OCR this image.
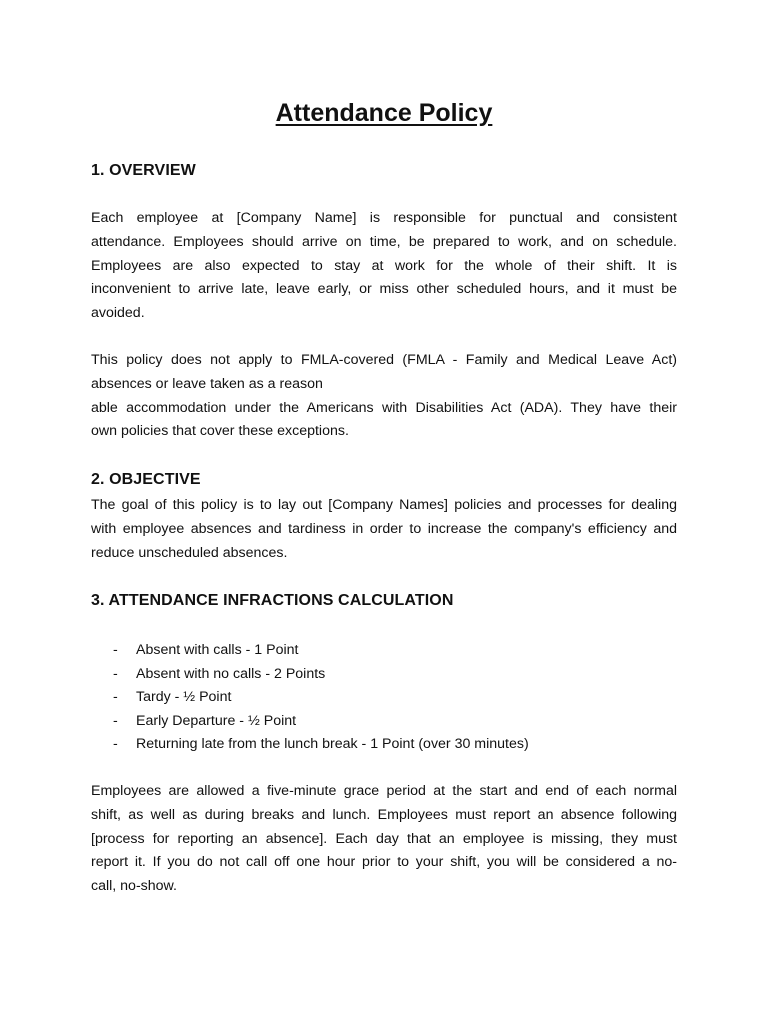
Attendance Policy
1. OVERVIEW

Each employee at [Company Name] is responsible for punctual and consistent
attendance. Employees should arrive on time, be prepared to work, and on schedule.
Employees are also expected to stay at work for the whole of their shift. It is
inconvenient to arrive late, leave early, or miss other scheduled hours, and it must be
avoided.

This policy does not apply to FMLA-covered (FMLA - Family and Medical Leave Act)
absences or leave taken as a reason
able accommodation under the Americans with Disabilities Act (ADA). They have their
own policies that cover these exceptions.

2. OBJECTIVE

The goal of this policy is to lay out [Company Names] policies and processes for dealing
with employee absences and tardiness in order to increase the company's efficiency and
reduce unscheduled absences.

3. ATTENDANCE INFRACTIONS CALCULATION
- Absent with calls - 1 Point
- Absent with no calls - 2 Points
- Tardy - ½ Point
- Early Departure - ½ Point
- Returning late from the lunch break - 1 Point (over 30 minutes)

Employees are allowed a five-minute grace period at the start and end of each normal
shift, as well as during breaks and lunch. Employees must report an absence following
[process for reporting an absence]. Each day that an employee is missing, they must
report it. If you do not call off one hour prior to your shift, you will be considered a no-
call, no-show.
